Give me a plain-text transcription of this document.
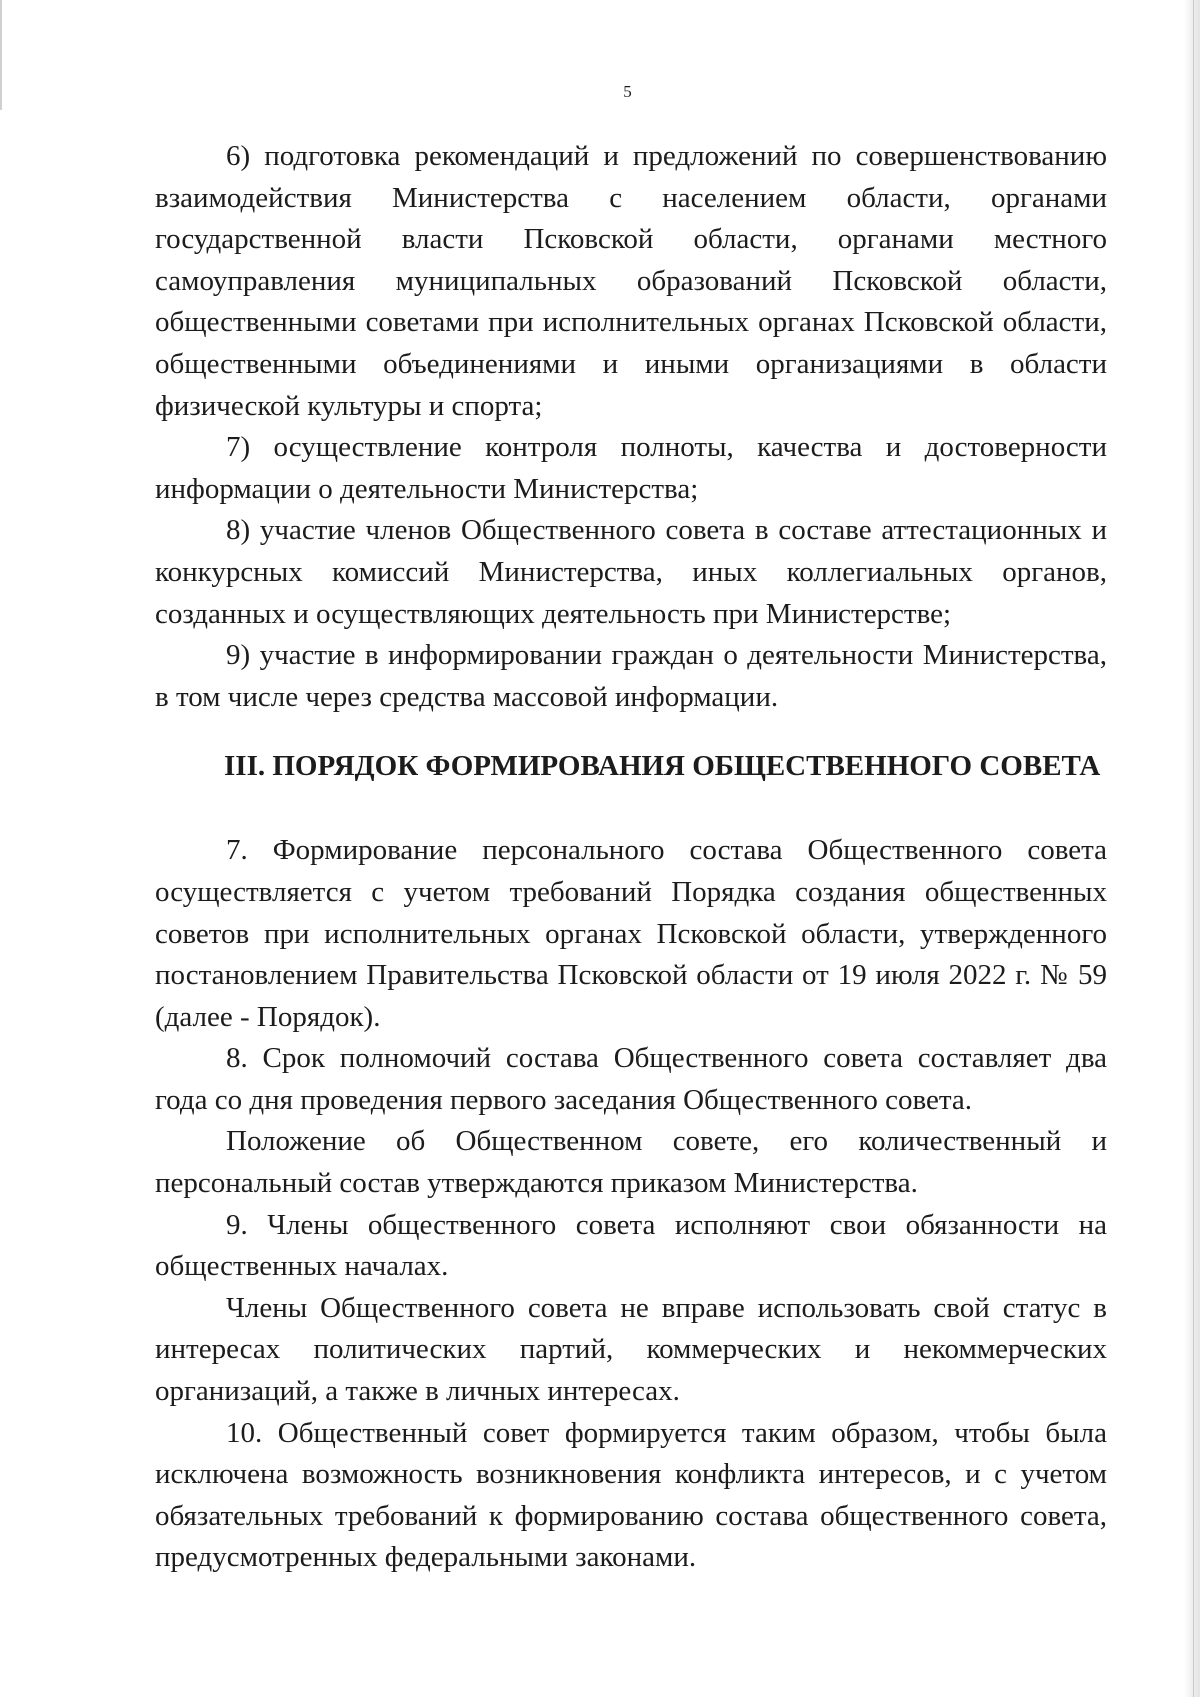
5

6) подготовка рекомендаций и предложений по совершенствованию взаимодействия Министерства с населением области, органами государственной власти Псковской области, органами местного самоуправления муниципальных образований Псковской области, общественными советами при исполнительных органах Псковской области, общественными объединениями и иными организациями в области физической культуры и спорта;

7) осуществление контроля полноты, качества и достоверности информации о деятельности Министерства;

8) участие членов Общественного совета в составе аттестационных и конкурсных комиссий Министерства, иных коллегиальных органов, созданных и осуществляющих деятельность при Министерстве;

9) участие в информировании граждан о деятельности Министерства, в том числе через средства массовой информации.

III. ПОРЯДОК ФОРМИРОВАНИЯ ОБЩЕСТВЕННОГО СОВЕТА

7. Формирование персонального состава Общественного совета осуществляется с учетом требований Порядка создания общественных советов при исполнительных органах Псковской области, утвержденного постановлением Правительства Псковской области от 19 июля 2022 г. № 59 (далее - Порядок).

8. Срок полномочий состава Общественного совета составляет два года со дня проведения первого заседания Общественного совета.

Положение об Общественном совете, его количественный и персональный состав утверждаются приказом Министерства.

9. Члены общественного совета исполняют свои обязанности на общественных началах.

Члены Общественного совета не вправе использовать свой статус в интересах политических партий, коммерческих и некоммерческих организаций, а также в личных интересах.

10. Общественный совет формируется таким образом, чтобы была исключена возможность возникновения конфликта интересов, и с учетом обязательных требований к формированию состава общественного совета, предусмотренных федеральными законами.
